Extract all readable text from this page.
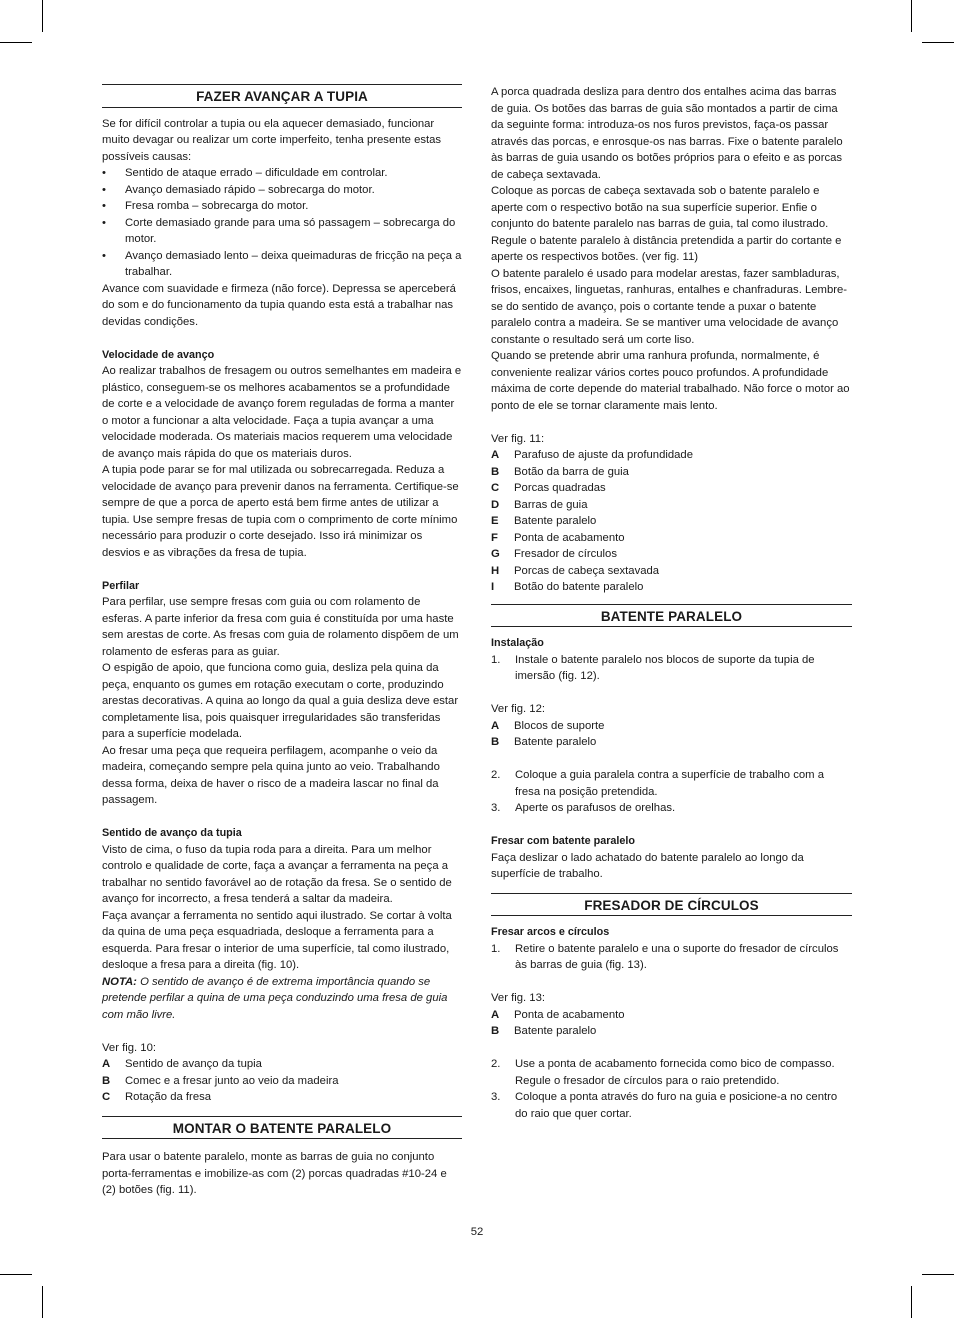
FAZER AVANÇAR A TUPIA

Se for difícil controlar a tupia ou ela aquecer demasiado, funcionar muito devagar ou realizar um corte imperfeito, tenha presente estas possíveis causas:

•	Sentido de ataque errado – dificuldade em controlar.
•	Avanço demasiado rápido – sobrecarga do motor.
•	Fresa romba – sobrecarga do motor.
•	Corte demasiado grande para uma só passagem – sobrecarga do motor.
•	Avanço demasiado lento – deixa queimaduras de fricção na peça a trabalhar.

Avance com suavidade e firmeza (não force). Depressa se aperceberá do som e do funcionamento da tupia quando esta está a trabalhar nas devidas condições.

Velocidade de avanço

Ao realizar trabalhos de fresagem ou outros semelhantes em madeira e plástico, conseguem-se os melhores acabamentos se a profundidade de corte e a velocidade de avanço forem reguladas de forma a manter o motor a funcionar a alta velocidade. Faça a tupia avançar a uma velocidade moderada. Os materiais macios requerem uma velocidade de avanço mais rápida do que os materiais duros.

A tupia pode parar se for mal utilizada ou sobrecarregada. Reduza a velocidade de avanço para prevenir danos na ferramenta. Certifique-se sempre de que a porca de aperto está bem firme antes de utilizar a tupia. Use sempre fresas de tupia com o comprimento de corte mínimo necessário para produzir o corte desejado. Isso irá minimizar os desvios e as vibrações da fresa de tupia.

Perfilar

Para perfilar, use sempre fresas com guia ou com rolamento de esferas. A parte inferior da fresa com guia é constituída por uma haste sem arestas de corte. As fresas com guia de rolamento dispõem de um rolamento de esferas para as guiar.

O espigão de apoio, que funciona como guia, desliza pela quina da peça, enquanto os gumes em rotação executam o corte, produzindo arestas decorativas. A quina ao longo da qual a guia desliza deve estar completamente lisa, pois quaisquer irregularidades são transferidas para a superfície modelada.

Ao fresar uma peça que requeira perfilagem, acompanhe o veio da madeira, começando sempre pela quina junto ao veio. Trabalhando dessa forma, deixa de haver o risco de a madeira lascar no final da passagem.

Sentido de avanço da tupia

Visto de cima, o fuso da tupia roda para a direita. Para um melhor controlo e qualidade de corte, faça a avançar a ferramenta na peça a trabalhar no sentido favorável ao de rotação da fresa. Se o sentido de avanço for incorrecto, a fresa tenderá a saltar da madeira.

Faça avançar a ferramenta no sentido aqui ilustrado. Se cortar à volta da quina de uma peça esquadriada, desloque a ferramenta para a esquerda. Para fresar o interior de uma superfície, tal como ilustrado, desloque a fresa para a direita (fig. 10).

NOTA: O sentido de avanço é de extrema importância quando se pretende perfilar a quina de uma peça conduzindo uma fresa de guia com mão livre.

Ver fig. 10:

A	Sentido de avanço da tupia
B	Comec e a fresar junto ao veio da madeira
C	Rotação da fresa
MONTAR O BATENTE PARALELO

Para usar o batente paralelo, monte as barras de guia no conjunto porta-ferramentas e imobilize-as com (2) porcas quadradas #10-24 e (2) botões (fig. 11).

A porca quadrada desliza para dentro dos entalhes acima das barras de guia. Os botões das barras de guia são montados a partir de cima da seguinte forma: introduza-os nos furos previstos, faça-os passar através das porcas, e enrosque-os nas barras. Fixe o batente paralelo às barras de guia usando os botões próprios para o efeito e as porcas de cabeça sextavada.

Coloque as porcas de cabeça sextavada sob o batente paralelo e aperte com o respectivo botão na sua superfície superior. Enfie o conjunto do batente paralelo nas barras de guia, tal como ilustrado. Regule o batente paralelo à distância pretendida a partir do cortante e aperte os respectivos botões. (ver fig. 11)

O batente paralelo é usado para modelar arestas, fazer sambladuras, frisos, encaixes, linguetas, ranhuras, entalhes e chanfraduras. Lembre-se do sentido de avanço, pois o cortante tende a puxar o batente paralelo contra a madeira. Se se mantiver uma velocidade de avanço constante o resultado será um corte liso.

Quando se pretende abrir uma ranhura profunda, normalmente, é conveniente realizar vários cortes pouco profundos. A profundidade máxima de corte depende do material trabalhado. Não force o motor ao ponto de ele se tornar claramente mais lento.

Ver fig. 11:

A	Parafuso de ajuste da profundidade
B	Botão da barra de guia
C	Porcas quadradas
D	Barras de guia
E	Batente paralelo
F	Ponta de acabamento
G	Fresador de círculos
H	Porcas de cabeça sextavada
I	Botão do batente paralelo
BATENTE PARALELO

Instalação

1.	Instale o batente paralelo nos blocos de suporte da tupia de imersão (fig. 12).

Ver fig. 12:

A	Blocos de suporte
B	Batente paralelo
2.	Coloque a guia paralela contra a superfície de trabalho com a fresa na posição pretendida.
3.	Aperte os parafusos de orelhas.

Fresar com batente paralelo

Faça deslizar o lado achatado do batente paralelo ao longo da superfície de trabalho.

FRESADOR DE CÍRCULOS

Fresar arcos e círculos

1.	Retire o batente paralelo e una o suporte do fresador de círculos às barras de guia (fig. 13).

Ver fig. 13:

A	Ponta de acabamento
B	Batente paralelo
2.	Use a ponta de acabamento fornecida como bico de compasso. Regule o fresador de círculos para o raio pretendido.
3.	Coloque a ponta através do furo na guia e posicione-a no centro do raio que quer cortar.
52
